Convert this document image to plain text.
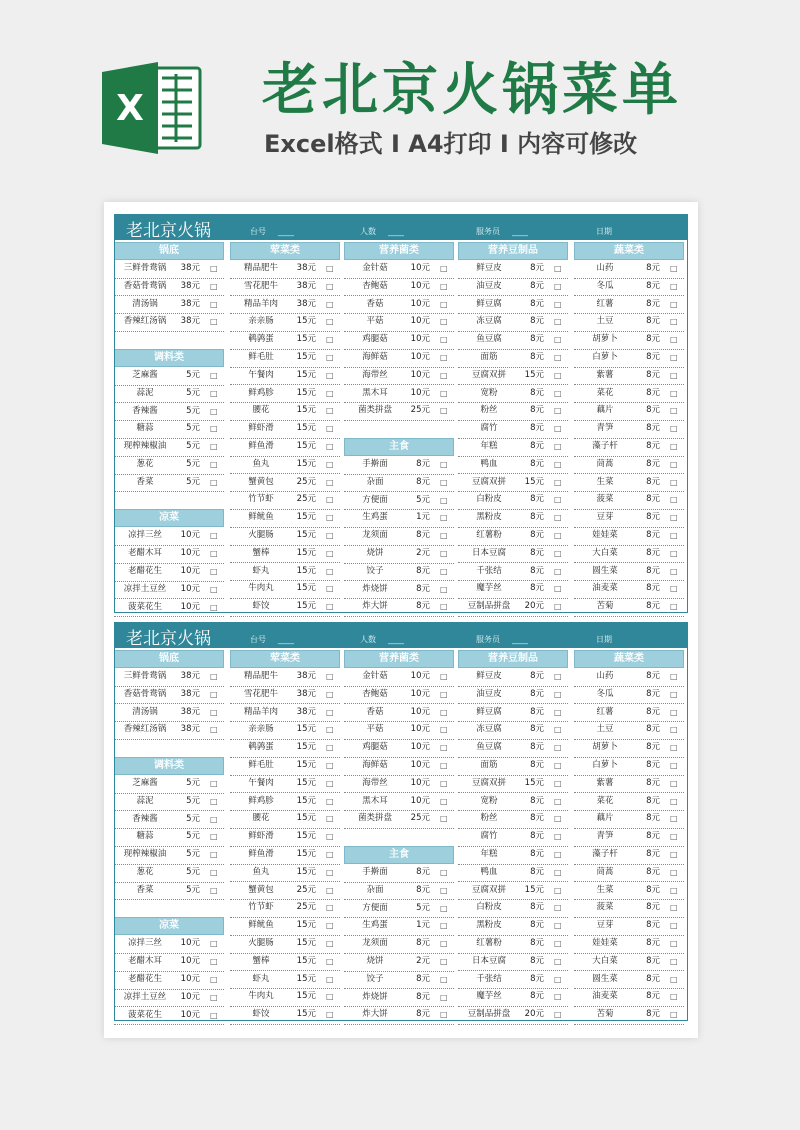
X 老北京火锅菜单
Excel格式 I A4打印 I 内容可修改
老北京火锅	台号 ____	人数 ____	服务员 ____	日期
锅底
三鲜骨鸯锅	38元 □
香菇骨鸯锅	38元 □
清汤锅	38元 □
香辣红汤锅	38元 □
调料类
芝麻酱	5元 □
蒜泥	5元 □
香辣酱	5元 □
糖蒜	5元 □
现榨辣椒油	5元 □
葱花	5元 □
香菜	5元 □
凉菜
凉拌三丝	10元 □
老醋木耳	10元 □
老醋花生	10元 □
凉拌土豆丝	10元 □
菠菜花生	10元 □
荤菜类
精品肥牛	38元 □
雪花肥牛	38元 □
精品羊肉	38元 □
亲亲肠	15元 □
鹌鹑蛋	15元 □
鲜毛肚	15元 □
午餐肉	15元 □
鲜鸡胗	15元 □
腰花	15元 □
鲜虾滑	15元 □
鲜鱼滑	15元 □
鱼丸	15元 □
蟹黄包	25元 □
竹节虾	25元 □
鲜鱿鱼	15元 □
火腿肠	15元 □
蟹棒	15元 □
虾丸	15元 □
牛肉丸	15元 □
虾饺	15元 □
营养菌类
金针菇	10元 □
杏鲍菇	10元 □
香菇	10元 □
平菇	10元 □
鸡腿菇	10元 □
海鲜菇	10元 □
海带丝	10元 □
黑木耳	10元 □
菌类拼盘	25元 □
主食
手擀面	8元 □
杂面	8元 □
方便面	5元 □
生鸡蛋	1元 □
龙须面	8元 □
烧饼	2元 □
饺子	8元 □
炸烧饼	8元 □
炸大饼	8元 □
营养豆制品
鲜豆皮	8元 □
油豆皮	8元 □
鲜豆腐	8元 □
冻豆腐	8元 □
鱼豆腐	8元 □
面筋	8元 □
豆腐双拼	15元 □
宽粉	8元 □
粉丝	8元 □
腐竹	8元 □
年糕	8元 □
鸭血	8元 □
豆腐双拼	15元 □
白粉皮	8元 □
黑粉皮	8元 □
红薯粉	8元 □
日本豆腐	8元 □
千张结	8元 □
魔芋丝	8元 □
豆制品拼盘	20元 □
蔬菜类
山药	8元 □
冬瓜	8元 □
红薯	8元 □
土豆	8元 □
胡萝卜	8元 □
白萝卜	8元 □
紫薯	8元 □
菜花	8元 □
藕片	8元 □
青笋	8元 □
藻子杆	8元 □
茼蒿	8元 □
生菜	8元 □
菠菜	8元 □
豆芽	8元 □
娃娃菜	8元 □
大白菜	8元 □
圆生菜	8元 □
油麦菜	8元 □
苦菊	8元 □
老北京火锅	台号 ____	人数 ____	服务员 ____	日期
锅底
三鲜骨鸯锅	38元 □
香菇骨鸯锅	38元 □
清汤锅	38元 □
香辣红汤锅	38元 □
调料类
芝麻酱	5元 □
蒜泥	5元 □
香辣酱	5元 □
糖蒜	5元 □
现榨辣椒油	5元 □
葱花	5元 □
香菜	5元 □
凉菜
凉拌三丝	10元 □
老醋木耳	10元 □
老醋花生	10元 □
凉拌土豆丝	10元 □
菠菜花生	10元 □
荤菜类
精品肥牛	38元 □
雪花肥牛	38元 □
精品羊肉	38元 □
亲亲肠	15元 □
鹌鹑蛋	15元 □
鲜毛肚	15元 □
午餐肉	15元 □
鲜鸡胗	15元 □
腰花	15元 □
鲜虾滑	15元 □
鲜鱼滑	15元 □
鱼丸	15元 □
蟹黄包	25元 □
竹节虾	25元 □
鲜鱿鱼	15元 □
火腿肠	15元 □
蟹棒	15元 □
虾丸	15元 □
牛肉丸	15元 □
虾饺	15元 □
营养菌类
金针菇	10元 □
杏鲍菇	10元 □
香菇	10元 □
平菇	10元 □
鸡腿菇	10元 □
海鲜菇	10元 □
海带丝	10元 □
黑木耳	10元 □
菌类拼盘	25元 □
主食
手擀面	8元 □
杂面	8元 □
方便面	5元 □
生鸡蛋	1元 □
龙须面	8元 □
烧饼	2元 □
饺子	8元 □
炸烧饼	8元 □
炸大饼	8元 □
营养豆制品
鲜豆皮	8元 □
油豆皮	8元 □
鲜豆腐	8元 □
冻豆腐	8元 □
鱼豆腐	8元 □
面筋	8元 □
豆腐双拼	15元 □
宽粉	8元 □
粉丝	8元 □
腐竹	8元 □
年糕	8元 □
鸭血	8元 □
豆腐双拼	15元 □
白粉皮	8元 □
黑粉皮	8元 □
红薯粉	8元 □
日本豆腐	8元 □
千张结	8元 □
魔芋丝	8元 □
豆制品拼盘	20元 □
蔬菜类
山药	8元 □
冬瓜	8元 □
红薯	8元 □
土豆	8元 □
胡萝卜	8元 □
白萝卜	8元 □
紫薯	8元 □
菜花	8元 □
藕片	8元 □
青笋	8元 □
藻子杆	8元 □
茼蒿	8元 □
生菜	8元 □
菠菜	8元 □
豆芽	8元 □
娃娃菜	8元 □
大白菜	8元 □
圆生菜	8元 □
油麦菜	8元 □
苦菊	8元 □
